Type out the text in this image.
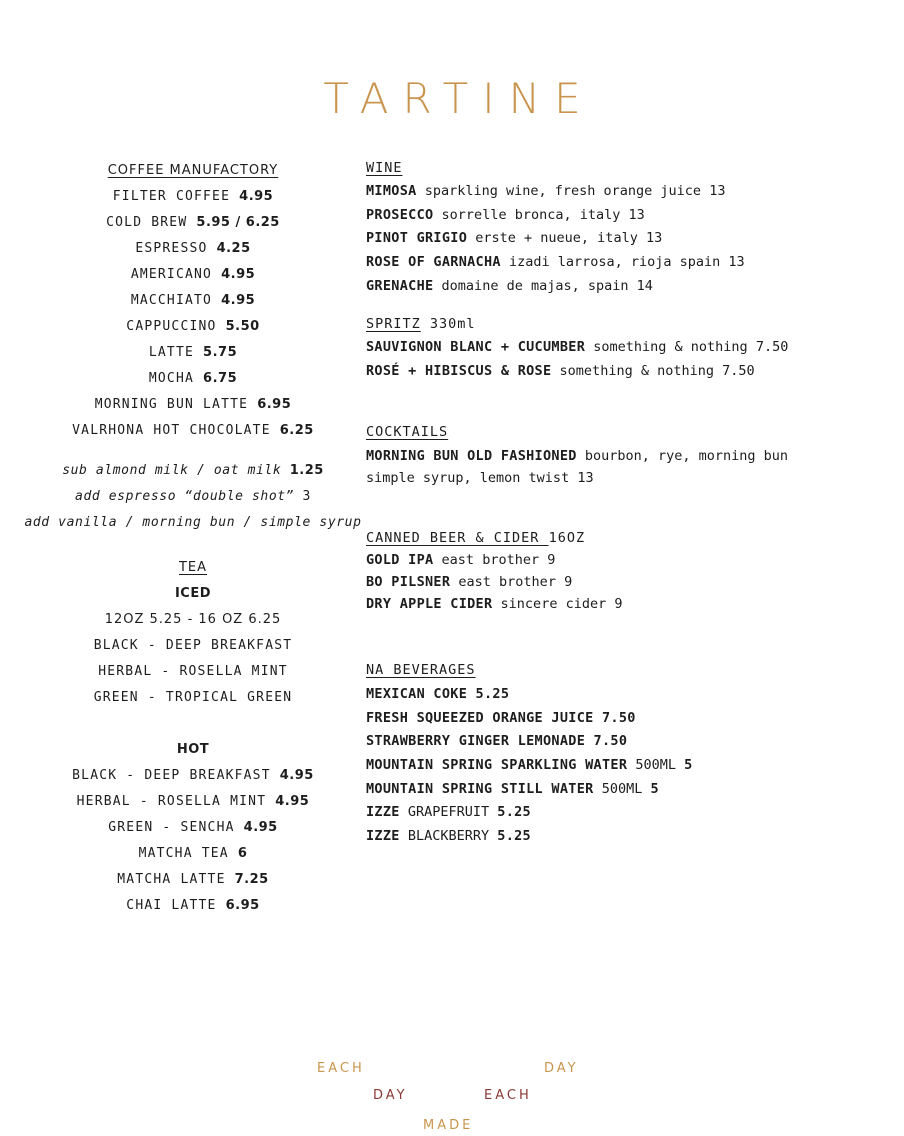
TARTINE
COFFEE MANUFACTORY
FILTER COFFEE 4.95
COLD BREW 5.95 / 6.25
ESPRESSO 4.25
AMERICANO 4.95
MACCHIATO 4.95
CAPPUCCINO 5.50
LATTE 5.75
MOCHA 6.75
MORNING BUN LATTE 6.95
VALRHONA HOT CHOCOLATE 6.25
sub almond milk / oat milk 1.25
add espresso “double shot” 3
add vanilla / morning bun / simple syrup
TEA
ICED
12OZ 5.25 - 16 OZ 6.25
BLACK - DEEP BREAKFAST
HERBAL - ROSELLA MINT
GREEN - TROPICAL GREEN
HOT
BLACK - DEEP BREAKFAST 4.95
HERBAL - ROSELLA MINT 4.95
GREEN - SENCHA 4.95
MATCHA TEA 6
MATCHA LATTE 7.25
CHAI LATTE 6.95
WINE
MIMOSA sparkling wine, fresh orange juice 13
PROSECCO sorrelle bronca, italy 13
PINOT GRIGIO erste + nueue, italy 13
ROSE OF GARNACHA izadi larrosa, rioja spain 13
GRENACHE domaine de majas, spain 14
SPRITZ 330ml
SAUVIGNON BLANC + CUCUMBER something & nothing 7.50
ROSÉ + HIBISCUS & ROSE something & nothing 7.50
COCKTAILS
MORNING BUN OLD FASHIONED bourbon, rye, morning bun
simple syrup, lemon twist 13
CANNED BEER & CIDER 16OZ
GOLD IPA east brother 9
BO PILSNER east brother 9
DRY APPLE CIDER sincere cider 9
NA BEVERAGES
MEXICAN COKE 5.25
FRESH SQUEEZED ORANGE JUICE 7.50
STRAWBERRY GINGER LEMONADE 7.50
MOUNTAIN SPRING SPARKLING WATER 500ML 5
MOUNTAIN SPRING STILL WATER 500ML 5
IZZE GRAPEFRUIT 5.25
IZZE BLACKBERRY 5.25
EACH	DAY
DAY	EACH
MADE
